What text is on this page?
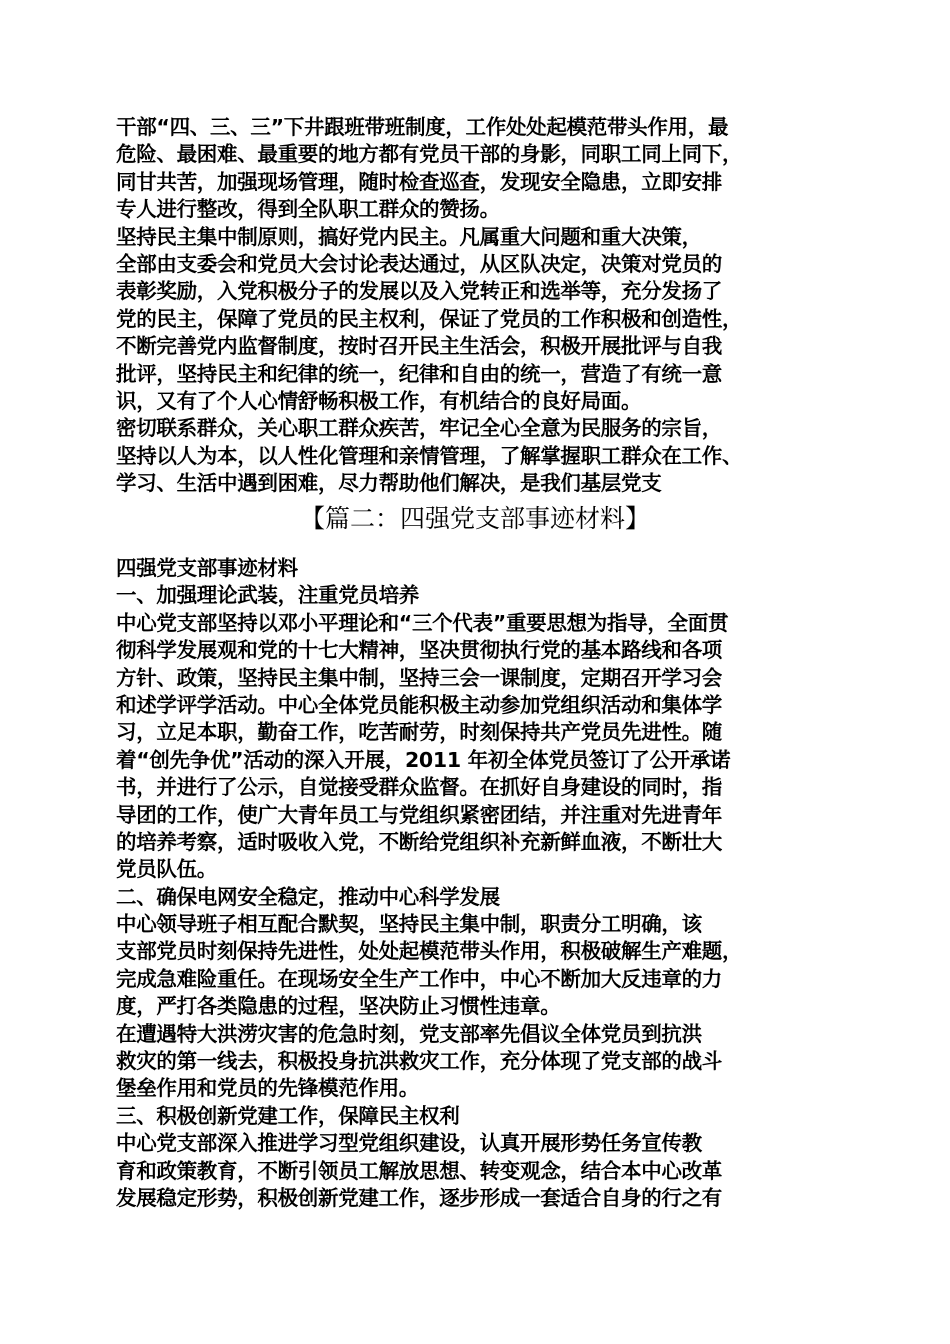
干部“四、三、三”下井跟班带班制度，工作处处起模范带头作用，最
危险、最困难、最重要的地方都有党员干部的身影，同职工同上同下，
同甘共苦，加强现场管理，随时检查巡查，发现安全隐患，立即安排
专人进行整改，得到全队职工群众的赞扬。
坚持民主集中制原则，搞好党内民主。凡属重大问题和重大决策，
全部由支委会和党员大会讨论表达通过，从区队决定，决策对党员的
表彰奖励，入党积极分子的发展以及入党转正和选举等，充分发扬了
党的民主，保障了党员的民主权利，保证了党员的工作积极和创造性，
不断完善党内监督制度，按时召开民主生活会，积极开展批评与自我
批评，坚持民主和纪律的统一，纪律和自由的统一，营造了有统一意
识，又有了个人心情舒畅积极工作，有机结合的良好局面。
密切联系群众，关心职工群众疾苦，牢记全心全意为民服务的宗旨，
坚持以人为本，以人性化管理和亲情管理，了解掌握职工群众在工作、
学习、生活中遇到困难，尽力帮助他们解决，是我们基层党支
【篇二：四强党支部事迹材料】
四强党支部事迹材料
一、加强理论武装，注重党员培养
中心党支部坚持以邓小平理论和“三个代表”重要思想为指导，全面贯
彻科学发展观和党的十七大精神，坚决贯彻执行党的基本路线和各项
方针、政策，坚持民主集中制，坚持三会一课制度，定期召开学习会
和述学评学活动。中心全体党员能积极主动参加党组织活动和集体学
习，立足本职，勤奋工作，吃苦耐劳，时刻保持共产党员先进性。随
着“创先争优”活动的深入开展，2011 年初全体党员签订了公开承诺
书，并进行了公示，自觉接受群众监督。在抓好自身建设的同时，指
导团的工作，使广大青年员工与党组织紧密团结，并注重对先进青年
的培养考察，适时吸收入党，不断给党组织补充新鲜血液，不断壮大
党员队伍。
二、确保电网安全稳定，推动中心科学发展
中心领导班子相互配合默契，坚持民主集中制，职责分工明确，该
支部党员时刻保持先进性，处处起模范带头作用，积极破解生产难题，
完成急难险重任。在现场安全生产工作中，中心不断加大反违章的力
度，严打各类隐患的过程，坚决防止习惯性违章。
在遭遇特大洪涝灾害的危急时刻，党支部率先倡议全体党员到抗洪
救灾的第一线去，积极投身抗洪救灾工作，充分体现了党支部的战斗
堡垒作用和党员的先锋模范作用。
三、积极创新党建工作，保障民主权利
中心党支部深入推进学习型党组织建设，认真开展形势任务宣传教
育和政策教育，不断引领员工解放思想、转变观念，结合本中心改革
发展稳定形势，积极创新党建工作，逐步形成一套适合自身的行之有
